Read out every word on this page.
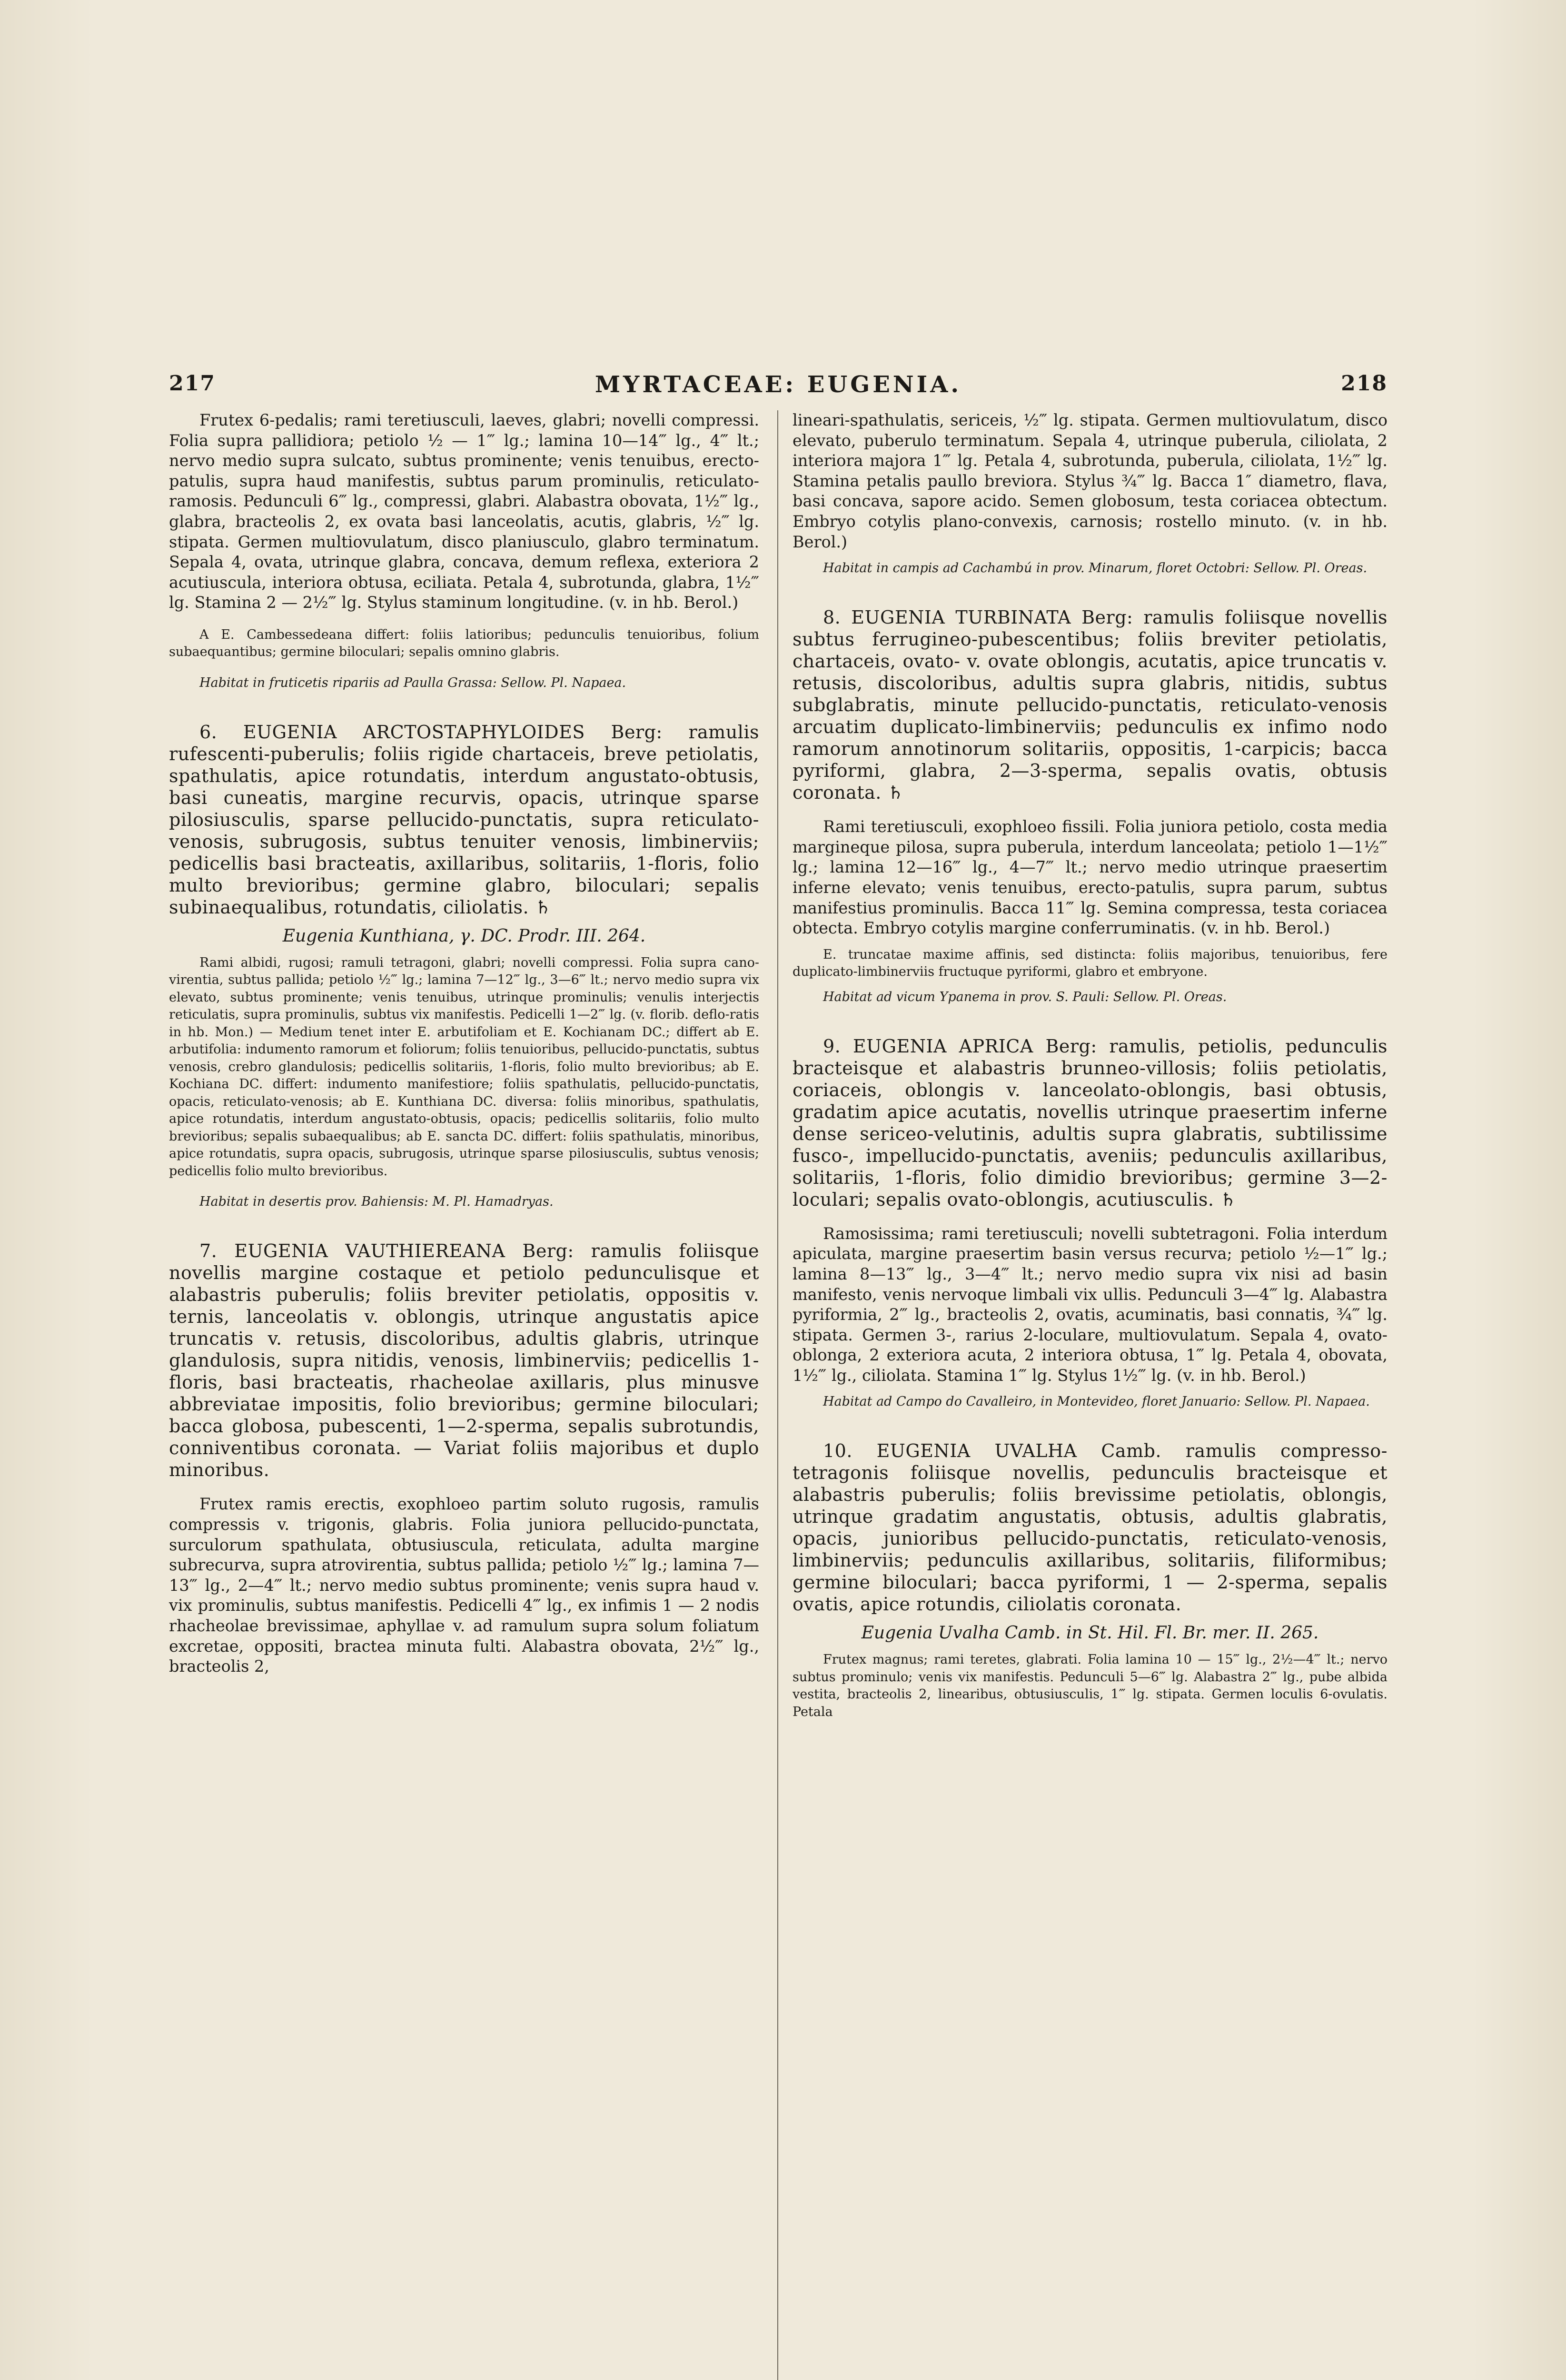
217	MYRTACEAE: EUGENIA.	218

Frutex 6-pedalis; rami teretiusculi, laeves, glabri; novelli compressi. Folia supra pallidiora; petiolo ½ — 1‴ lg.; lamina 10—14‴ lg., 4‴ lt.; nervo medio supra sulcato, subtus prominente; venis tenuibus, erecto-patulis, supra haud manifestis, subtus parum prominulis, reticulato-ramosis. Pedunculi 6‴ lg., compressi, glabri. Alabastra obovata, 1½‴ lg., glabra, bracteolis 2, ex ovata basi lanceolatis, acutis, glabris, ½‴ lg. stipata. Germen multiovulatum, disco planiusculo, glabro terminatum. Sepala 4, ovata, utrinque glabra, concava, demum reflexa, exteriora 2 acutiuscula, interiora obtusa, eciliata. Petala 4, subrotunda, glabra, 1½‴ lg. Stamina 2 — 2½‴ lg. Stylus staminum longitudine. (v. in hb. Berol.)

A E. Cambessedeana differt: foliis latioribus; pedunculis tenuioribus, folium subaequantibus; germine biloculari; sepalis omnino glabris.

Habitat in fruticetis ripariis ad Paulla Grassa: Sellow. Pl. Napaea.

6. EUGENIA ARCTOSTAPHYLOIDES Berg: ramulis rufescenti-puberulis; foliis rigide chartaceis, breve petiolatis, spathulatis, apice rotundatis, interdum angustato-obtusis, basi cuneatis, margine recurvis, opacis, utrinque sparse pilosiusculis, sparse pellucido-punctatis, supra reticulato-venosis, subrugosis, subtus tenuiter venosis, limbinerviis; pedicellis basi bracteatis, axillaribus, solitariis, 1-floris, folio multo brevioribus; germine glabro, biloculari; sepalis subinaequalibus, rotundatis, ciliolatis. ♄

Eugenia Kunthiana, γ. DC. Prodr. III. 264.

Rami albidi, rugosi; ramuli tetragoni, glabri; novelli compressi. Folia supra cano-virentia, subtus pallida; petiolo ½‴ lg.; lamina 7—12‴ lg., 3—6‴ lt.; nervo medio supra vix elevato, subtus prominente; venis tenuibus, utrinque prominulis; venulis interjectis reticulatis, supra prominulis, subtus vix manifestis. Pedicelli 1—2‴ lg. (v. florib. deflo-ratis in hb. Mon.) — Medium tenet inter E. arbutifoliam et E. Kochianam DC.; differt ab E. arbutifolia: indumento ramorum et foliorum; foliis tenuioribus, pellucido-punctatis, subtus venosis, crebro glandulosis; pedicellis solitariis, 1-floris, folio multo brevioribus; ab E. Kochiana DC. differt: indumento manifestiore; foliis spathulatis, pellucido-punctatis, opacis, reticulato-venosis; ab E. Kunthiana DC. diversa: foliis minoribus, spathulatis, apice rotundatis, interdum angustato-obtusis, opacis; pedicellis solitariis, folio multo brevioribus; sepalis subaequalibus; ab E. sancta DC. differt: foliis spathulatis, minoribus, apice rotundatis, supra opacis, subrugosis, utrinque sparse pilosiusculis, subtus venosis; pedicellis folio multo brevioribus.

Habitat in desertis prov. Bahiensis: M. Pl. Hamadryas.

7. EUGENIA VAUTHIEREANA Berg: ramulis foliisque novellis margine costaque et petiolo pedunculisque et alabastris puberulis; foliis breviter petiolatis, oppositis v. ternis, lanceolatis v. oblongis, utrinque angustatis apice truncatis v. retusis, discoloribus, adultis glabris, utrinque glandulosis, supra nitidis, venosis, limbinerviis; pedicellis 1-floris, basi bracteatis, rhacheolae axillaris, plus minusve abbreviatae impositis, folio brevioribus; germine biloculari; bacca globosa, pubescenti, 1—2-sperma, sepalis subrotundis, conniventibus coronata. — Variat foliis majoribus et duplo minoribus.

Frutex ramis erectis, exophloeo partim soluto rugosis, ramulis compressis v. trigonis, glabris. Folia juniora pellucido-punctata, surculorum spathulata, obtusiuscula, reticulata, adulta margine subrecurva, supra atrovirentia, subtus pallida; petiolo ½‴ lg.; lamina 7—13‴ lg., 2—4‴ lt.; nervo medio subtus prominente; venis supra haud v. vix prominulis, subtus manifestis. Pedicelli 4‴ lg., ex infimis 1 — 2 nodis rhacheolae brevissimae, aphyllae v. ad ramulum supra solum foliatum excretae, oppositi, bractea minuta fulti. Alabastra obovata, 2½‴ lg., bracteolis 2,

lineari-spathulatis, sericeis, ½‴ lg. stipata. Germen multiovulatum, disco elevato, puberulo terminatum. Sepala 4, utrinque puberula, ciliolata, 2 interiora majora 1‴ lg. Petala 4, subrotunda, puberula, ciliolata, 1½‴ lg. Stamina petalis paullo breviora. Stylus ¾‴ lg. Bacca 1″ diametro, flava, basi concava, sapore acido. Semen globosum, testa coriacea obtectum. Embryo cotylis plano-convexis, carnosis; rostello minuto. (v. in hb. Berol.)

Habitat in campis ad Cachambú in prov. Minarum, floret Octobri: Sellow. Pl. Oreas.

8. EUGENIA TURBINATA Berg: ramulis foliisque novellis subtus ferrugineo-pubescentibus; foliis breviter petiolatis, chartaceis, ovato- v. ovate oblongis, acutatis, apice truncatis v. retusis, discoloribus, adultis supra glabris, nitidis, subtus subglabratis, minute pellucido-punctatis, reticulato-venosis arcuatim duplicato-limbinerviis; pedunculis ex infimo nodo ramorum annotinorum solitariis, oppositis, 1-carpicis; bacca pyriformi, glabra, 2—3-sperma, sepalis ovatis, obtusis coronata. ♄

Rami teretiusculi, exophloeo fissili. Folia juniora petiolo, costa media margineque pilosa, supra puberula, interdum lanceolata; petiolo 1—1½‴ lg.; lamina 12—16‴ lg., 4—7‴ lt.; nervo medio utrinque praesertim inferne elevato; venis tenuibus, erecto-patulis, supra parum, subtus manifestius prominulis. Bacca 11‴ lg. Semina compressa, testa coriacea obtecta. Embryo cotylis margine conferruminatis. (v. in hb. Berol.)

E. truncatae maxime affinis, sed distincta: foliis majoribus, tenuioribus, fere duplicato-limbinerviis fructuque pyriformi, glabro et embryone.

Habitat ad vicum Ypanema in prov. S. Pauli: Sellow. Pl. Oreas.

9. EUGENIA APRICA Berg: ramulis, petiolis, pedunculis bracteisque et alabastris brunneo-villosis; foliis petiolatis, coriaceis, oblongis v. lanceolato-oblongis, basi obtusis, gradatim apice acutatis, novellis utrinque praesertim inferne dense sericeo-velutinis, adultis supra glabratis, subtilissime fusco-, impellucido-punctatis, aveniis; pedunculis axillaribus, solitariis, 1-floris, folio dimidio brevioribus; germine 3—2-loculari; sepalis ovato-oblongis, acutiusculis. ♄

Ramosissima; rami teretiusculi; novelli subtetragoni. Folia interdum apiculata, margine praesertim basin versus recurva; petiolo ½—1‴ lg.; lamina 8—13‴ lg., 3—4‴ lt.; nervo medio supra vix nisi ad basin manifesto, venis nervoque limbali vix ullis. Pedunculi 3—4‴ lg. Alabastra pyriformia, 2‴ lg., bracteolis 2, ovatis, acuminatis, basi connatis, ¾‴ lg. stipata. Germen 3-, rarius 2-loculare, multiovulatum. Sepala 4, ovato-oblonga, 2 exteriora acuta, 2 interiora obtusa, 1‴ lg. Petala 4, obovata, 1½‴ lg., ciliolata. Stamina 1‴ lg. Stylus 1½‴ lg. (v. in hb. Berol.)

Habitat ad Campo do Cavalleiro, in Montevideo, floret Januario: Sellow. Pl. Napaea.

10. EUGENIA UVALHA Camb. ramulis compresso-tetragonis foliisque novellis, pedunculis bracteisque et alabastris puberulis; foliis brevissime petiolatis, oblongis, utrinque gradatim angustatis, obtusis, adultis glabratis, opacis, junioribus pellucido-punctatis, reticulato-venosis, limbinerviis; pedunculis axillaribus, solitariis, filiformibus; germine biloculari; bacca pyriformi, 1 — 2-sperma, sepalis ovatis, apice rotundis, ciliolatis coronata.

Eugenia Uvalha Camb. in St. Hil. Fl. Br. mer. II. 265.

Frutex magnus; rami teretes, glabrati. Folia lamina 10 — 15‴ lg., 2½—4‴ lt.; nervo subtus prominulo; venis vix manifestis. Pedunculi 5—6‴ lg. Alabastra 2‴ lg., pube albida vestita, bracteolis 2, linearibus, obtusiusculis, 1‴ lg. stipata. Germen loculis 6-ovulatis. Petala
